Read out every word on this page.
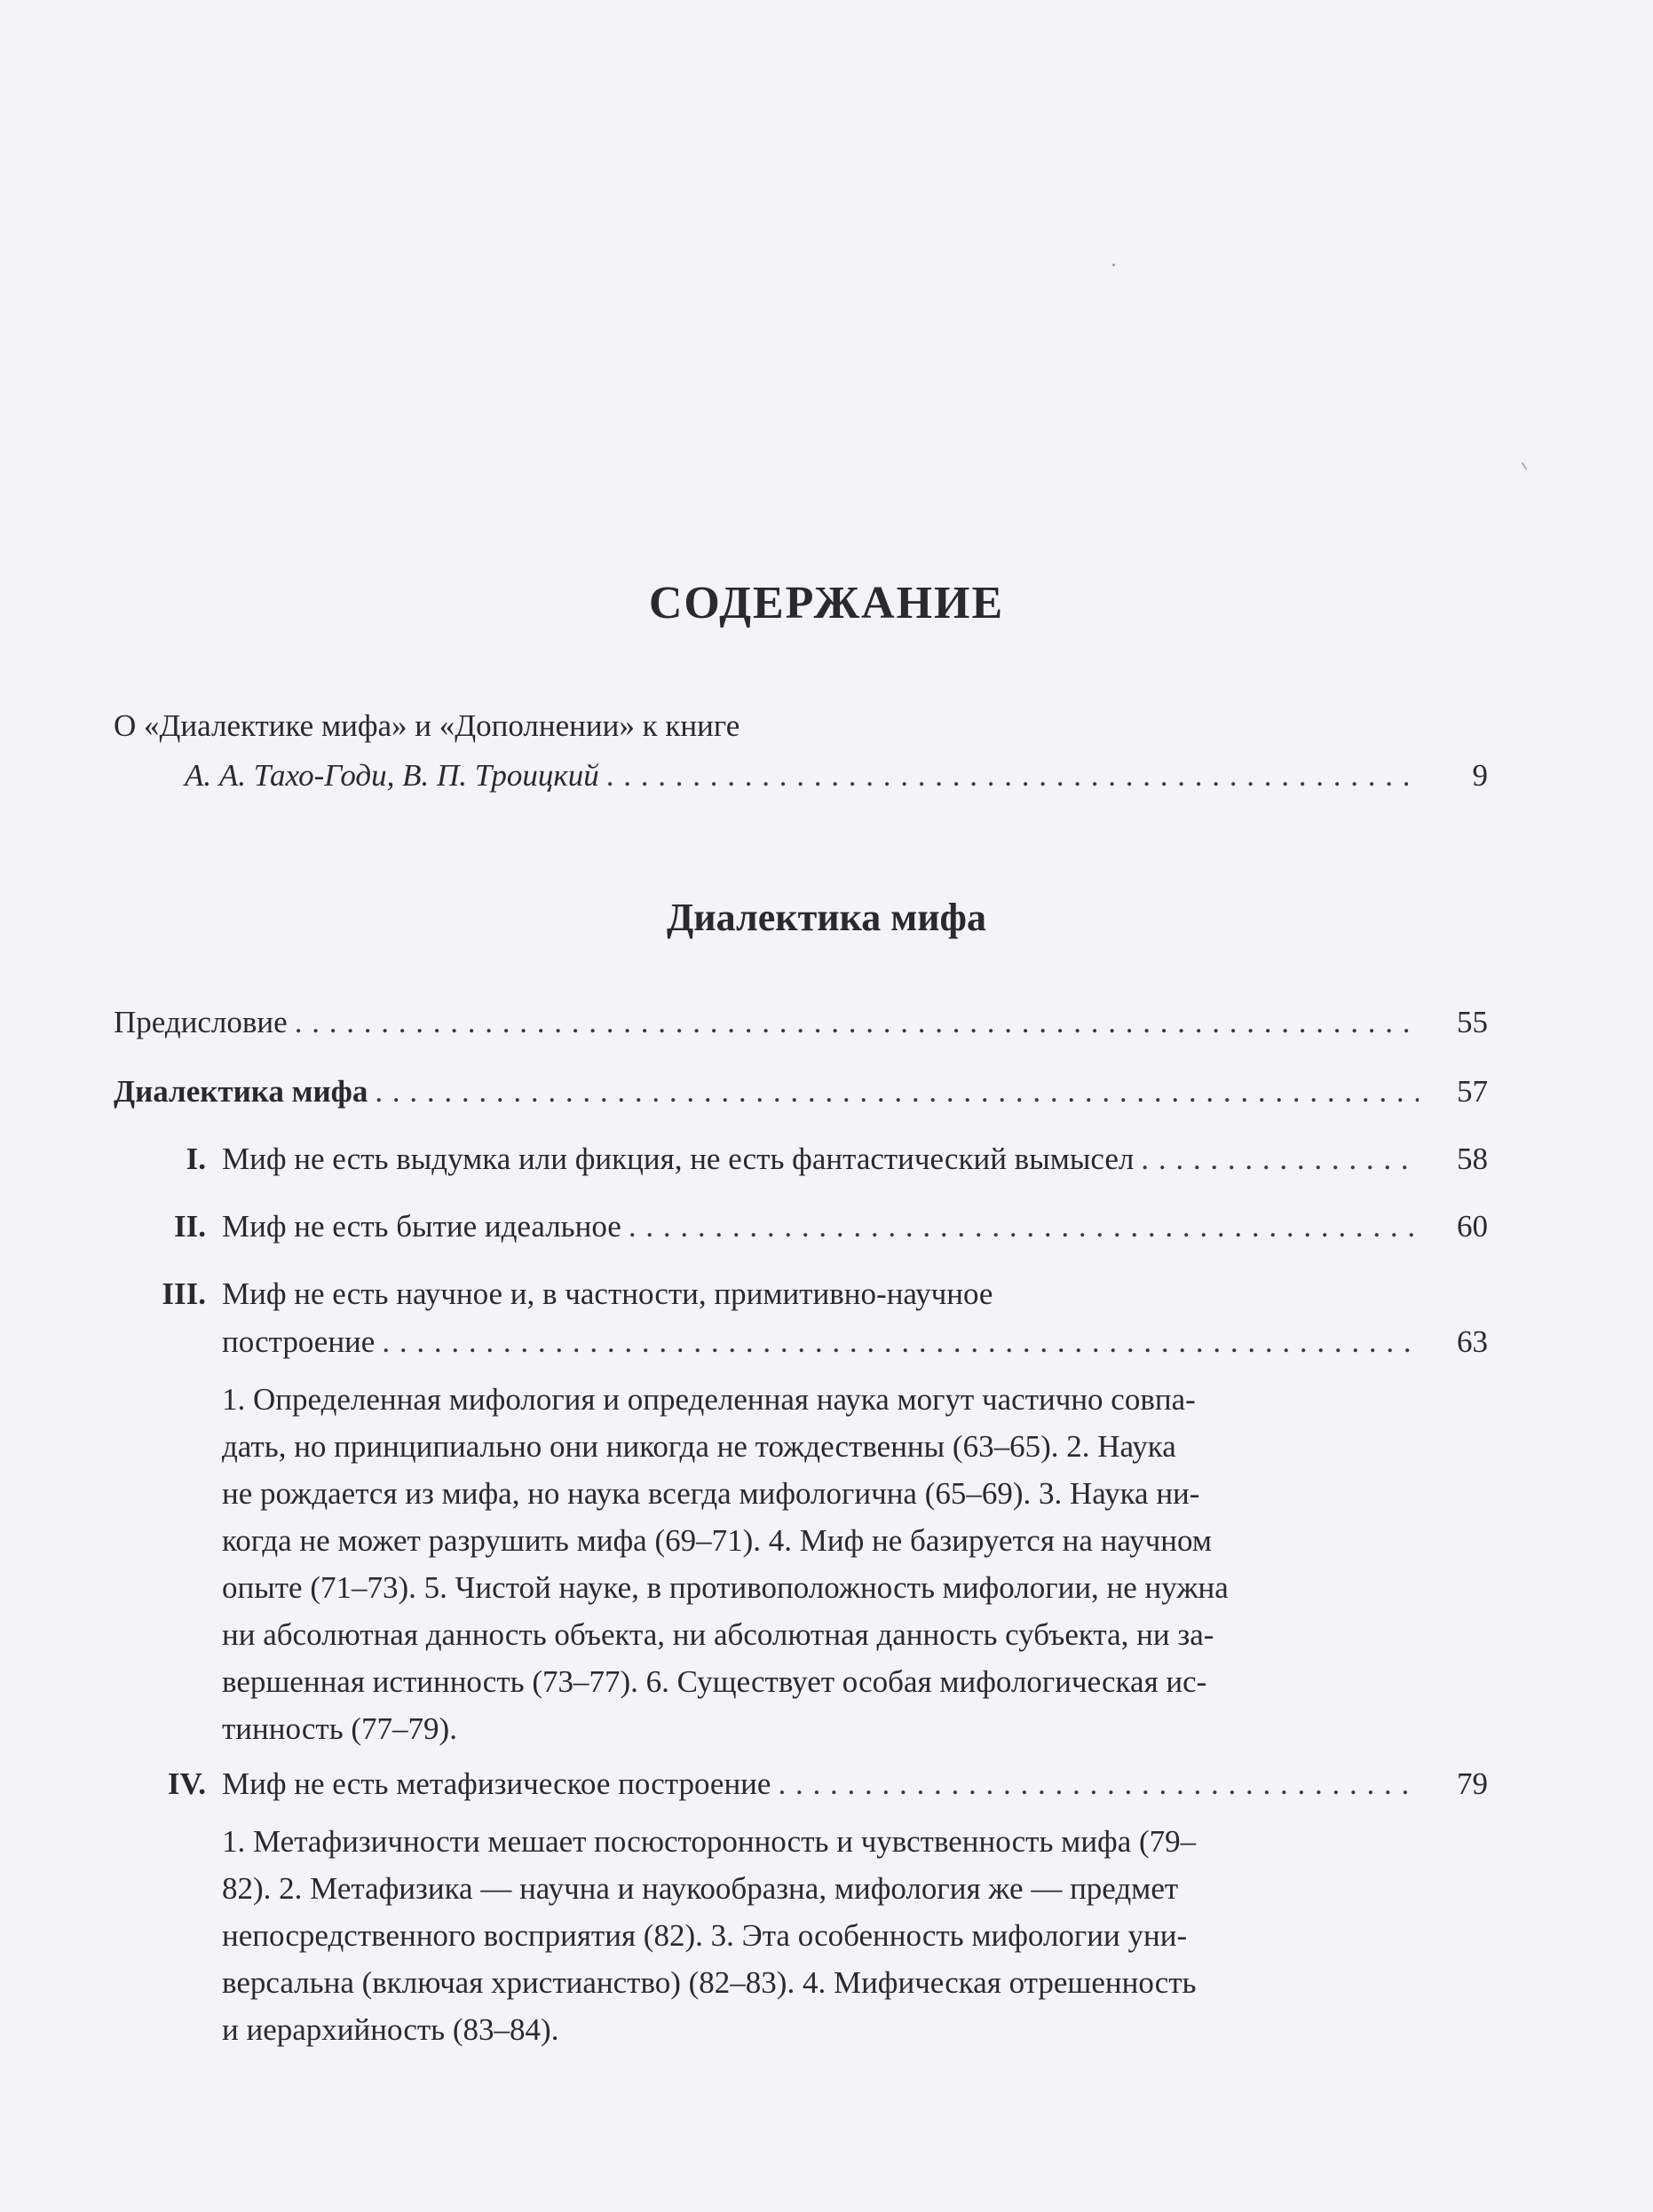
СОДЕРЖАНИЕ
О «Диалектике мифа» и «Дополнении» к книге
А. А. Тахо-Годи, В. П. Троицкий . . .	9
Диалектика мифа
Предисловие . . .	55
Диалектика мифа . . .	57
I. Миф не есть выдумка или фикция, не есть фантастический вымысел . . .	58
II. Миф не есть бытие идеальное . . .	60
III. Миф не есть научное и, в частности, примитивно-научное
построение . . .	63
1. Определенная мифология и определенная наука могут частично совпа-
дать, но принципиально они никогда не тождественны (63–65). 2. Наука
не рождается из мифа, но наука всегда мифологична (65–69). 3. Наука ни-
когда не может разрушить мифа (69–71). 4. Миф не базируется на научном
опыте (71–73). 5. Чистой науке, в противоположность мифологии, не нужна
ни абсолютная данность объекта, ни абсолютная данность субъекта, ни за-
вершенная истинность (73–77). 6. Существует особая мифологическая ис-
тинность (77–79).
IV. Миф не есть метафизическое построение . . .	79
1. Метафизичности мешает посюсторонность и чувственность мифа (79–
82). 2. Метафизика — научна и наукообразна, мифология же — предмет
непосредственного восприятия (82). 3. Эта особенность мифологии уни-
версальна (включая христианство) (82–83). 4. Мифическая отрешенность
и иерархийность (83–84).
